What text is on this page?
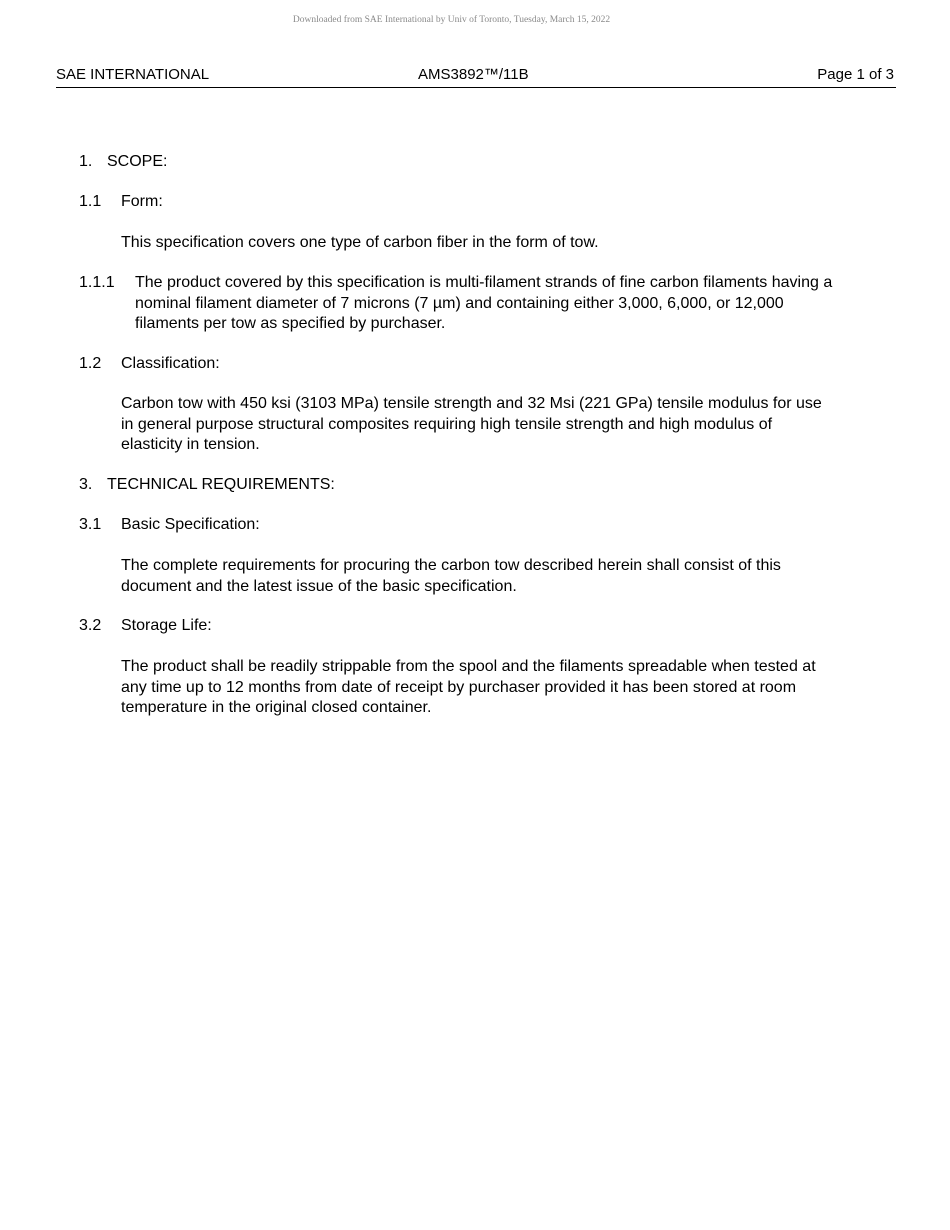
Downloaded from SAE International by Univ of Toronto, Tuesday, March 15, 2022
SAE INTERNATIONAL	AMS3892™/11B	Page 1 of 3
1. SCOPE:
1.1 Form:

This specification covers one type of carbon fiber in the form of tow.

1.1.1 The product covered by this specification is multi-filament strands of fine carbon filaments having a

nominal filament diameter of 7 microns (7 µm) and containing either 3,000, 6,000, or 12,000

filaments per tow as specified by purchaser.

1.2 Classification:

Carbon tow with 450 ksi (3103 MPa) tensile strength and 32 Msi (221 GPa) tensile modulus for use

in general purpose structural composites requiring high tensile strength and high modulus of

elasticity in tension.

3. TECHNICAL REQUIREMENTS:
3.1 Basic Specification:

The complete requirements for procuring the carbon tow described herein shall consist of this

document and the latest issue of the basic specification.

3.2 Storage Life:

The product shall be readily strippable from the spool and the filaments spreadable when tested at

any time up to 12 months from date of receipt by purchaser provided it has been stored at room

temperature in the original closed container.
